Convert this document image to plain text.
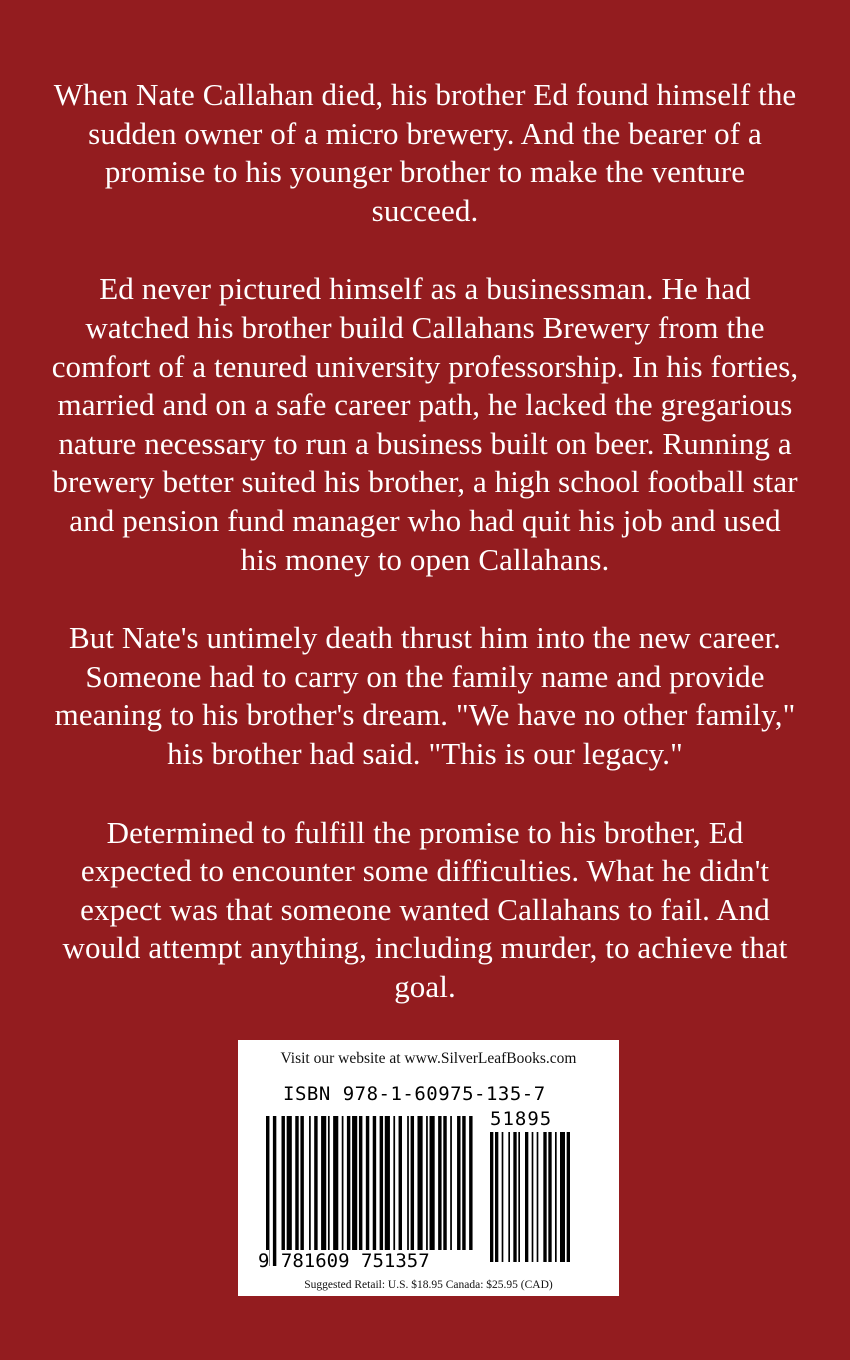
When Nate Callahan died, his brother Ed found himself the sudden owner of a micro brewery. And the bearer of a promise to his younger brother to make the venture succeed.

Ed never pictured himself as a businessman. He had watched his brother build Callahans Brewery from the comfort of a tenured university professorship. In his forties, married and on a safe career path, he lacked the gregarious nature necessary to run a business built on beer. Running a brewery better suited his brother, a high school football star and pension fund manager who had quit his job and used his money to open Callahans.

But Nate's untimely death thrust him into the new career. Someone had to carry on the family name and provide meaning to his brother's dream. "We have no other family," his brother had said. "This is our legacy."

Determined to fulfill the promise to his brother, Ed expected to encounter some difficulties. What he didn't expect was that someone wanted Callahans to fail. And would attempt anything, including murder, to achieve that goal.

Visit our website at www.SilverLeafBooks.com
ISBN 978-1-60975-135-7
51895
9 781609 751357
Suggested Retail: U.S. $18.95 Canada: $25.95 (CAD)
